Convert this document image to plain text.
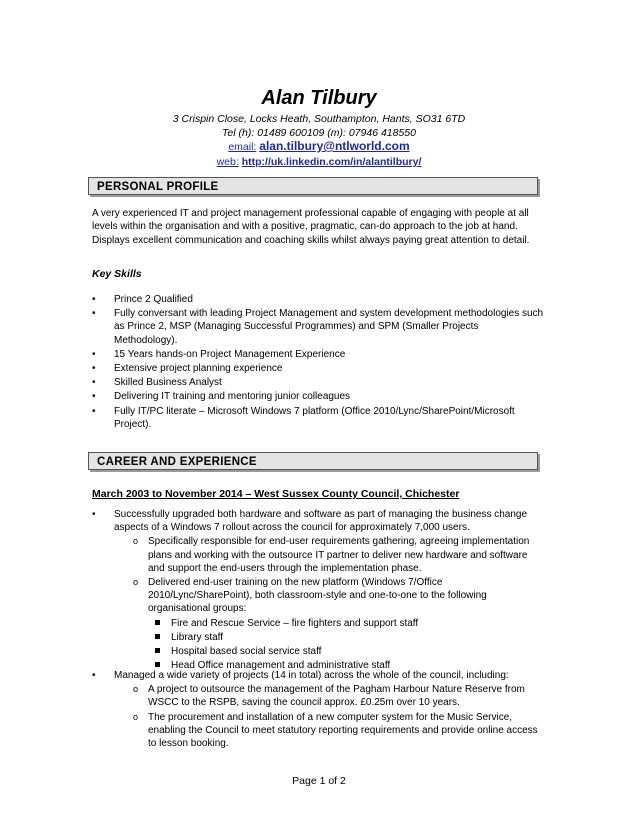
Alan Tilbury
3 Crispin Close, Locks Heath, Southampton, Hants, SO31 6TD
Tel (h): 01489 600109 (m): 07946 418550
email: alan.tilbury@ntlworld.com
web: http://uk.linkedin.com/in/alantilbury/
PERSONAL PROFILE
A very experienced IT and project management professional capable of engaging with people at all levels within the organisation and with a positive, pragmatic, can-do approach to the job at hand. Displays excellent communication and coaching skills whilst always paying great attention to detail.
Key Skills
•	Prince 2 Qualified
•	Fully conversant with leading Project Management and system development methodologies such as Prince 2, MSP (Managing Successful Programmes) and SPM (Smaller Projects Methodology).
•	15 Years hands-on Project Management Experience
•	Extensive project planning experience
•	Skilled Business Analyst
•	Delivering IT training and mentoring junior colleagues
•	Fully IT/PC literate – Microsoft Windows 7 platform (Office 2010/Lync/SharePoint/Microsoft Project).
CAREER AND EXPERIENCE
March 2003 to November 2014 – West Sussex County Council, Chichester
•	Successfully upgraded both hardware and software as part of managing the business change aspects of a Windows 7 rollout across the council for approximately 7,000 users.
o Specifically responsible for end-user requirements gathering, agreeing implementation plans and working with the outsource IT partner to deliver new hardware and software and support the end-users through the implementation phase.
o Delivered end-user training on the new platform (Windows 7/Office 2010/Lync/SharePoint), both classroom-style and one-to-one to the following organisational groups:
Fire and Rescue Service – fire fighters and support staff
Library staff
Hospital based social service staff
Head Office management and administrative staff
•	Managed a wide variety of projects (14 in total) across the whole of the council, including:
o A project to outsource the management of the Pagham Harbour Nature Reserve from WSCC to the RSPB, saving the council approx. £0.25m over 10 years.
o The procurement and installation of a new computer system for the Music Service, enabling the Council to meet statutory reporting requirements and provide online access to lesson booking.
Page 1 of 2
